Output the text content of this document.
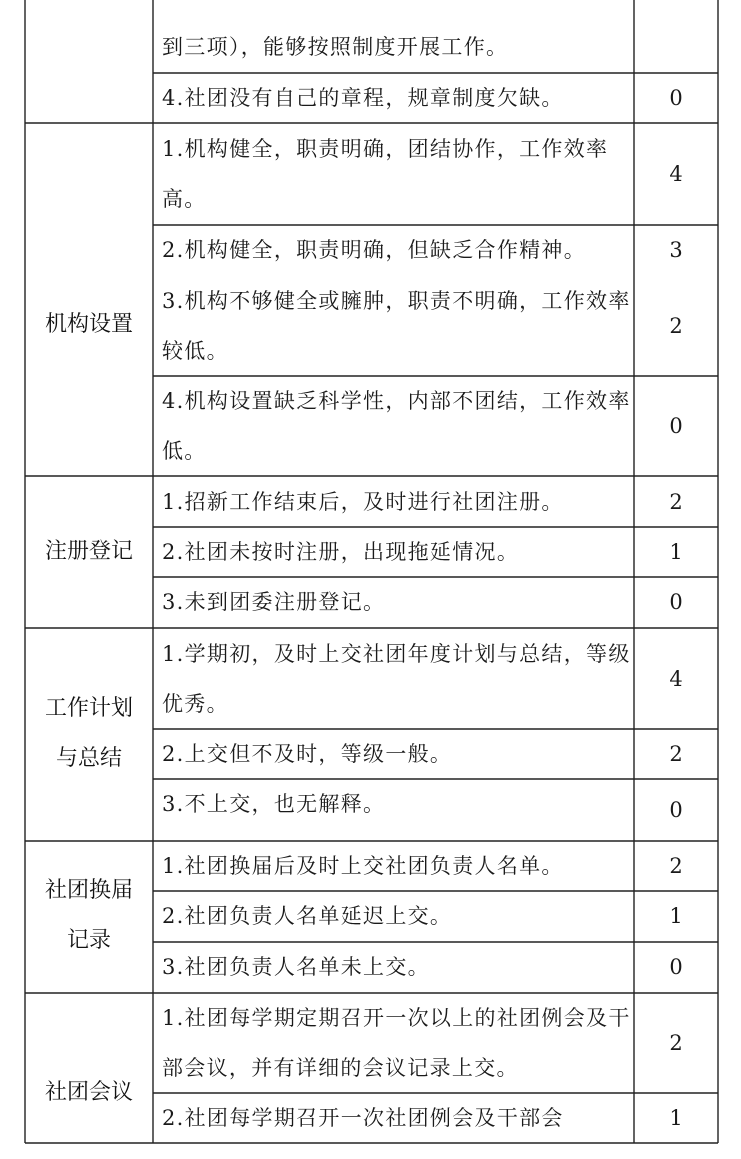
机构设置
注册登记
工作计划与总结
社团换届记录
社团会议
到三项），能够按照制度开展工作。
4.社团没有自己的章程，规章制度欠缺。
1.机构健全，职责明确，团结协作，工作效率高。
2.机构健全，职责明确，但缺乏合作精神。
3.机构不够健全或臃肿，职责不明确，工作效率较低。
4.机构设置缺乏科学性，内部不团结，工作效率低。
1.招新工作结束后，及时进行社团注册。
2.社团未按时注册，出现拖延情况。
3.未到团委注册登记。
1.学期初，及时上交社团年度计划与总结，等级优秀。
2.上交但不及时，等级一般。
3.不上交，也无解释。
1.社团换届后及时上交社团负责人名单。
2.社团负责人名单延迟上交。
3.社团负责人名单未上交。
1.社团每学期定期召开一次以上的社团例会及干部会议，并有详细的会议记录上交。
2.社团每学期召开一次社团例会及干部会
0
4
3
2
0
2
1
0
4
2
0
2
1
0
2
1
